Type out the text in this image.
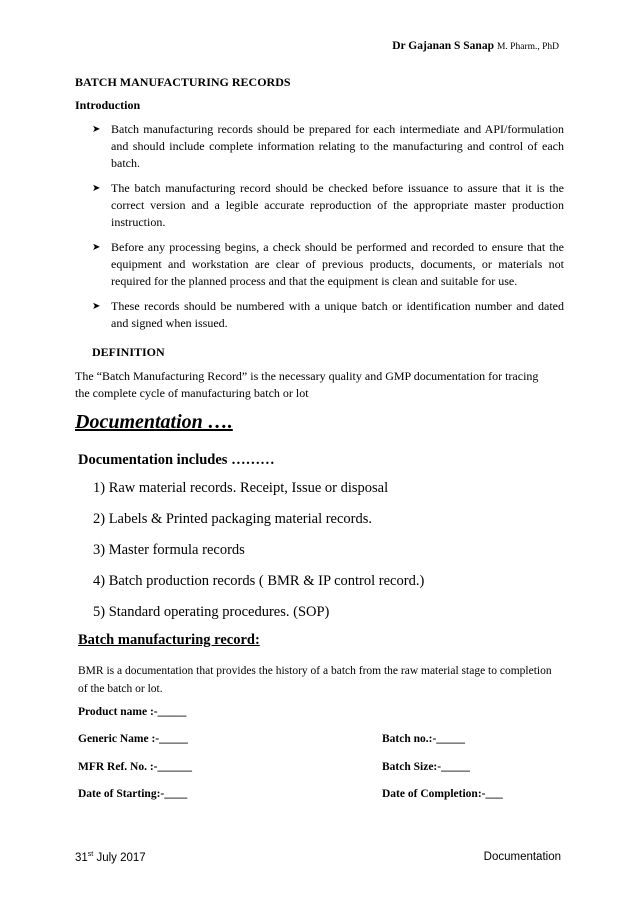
Dr Gajanan S Sanap M. Pharm., PhD
BATCH MANUFACTURING RECORDS
Introduction
➤ Batch manufacturing records should be prepared for each intermediate and API/formulation and should include complete information relating to the manufacturing and control of each batch.
➤ The batch manufacturing record should be checked before issuance to assure that it is the correct version and a legible accurate reproduction of the appropriate master production instruction.
➤ Before any processing begins, a check should be performed and recorded to ensure that the equipment and workstation are clear of previous products, documents, or materials not required for the planned process and that the equipment is clean and suitable for use.
➤ These records should be numbered with a unique batch or identification number and dated and signed when issued.
DEFINITION
The “Batch Manufacturing Record” is the necessary quality and GMP documentation for tracing the complete cycle of manufacturing batch or lot
Documentation ….
Documentation includes ………
1) Raw material records. Receipt, Issue or disposal
2) Labels & Printed packaging material records.
3) Master formula records
4) Batch production records ( BMR & IP control record.)
5) Standard operating procedures. (SOP)
Batch manufacturing record:
BMR is a documentation that provides the history of a batch from the raw material stage to completion of the batch or lot.
Product name :-_____
Generic Name :-_____	Batch no.:-_____
MFR Ref. No. :-______	Batch Size:-_____
Date of Starting:-____	Date of Completion:-___
31st July 2017	Documentation
